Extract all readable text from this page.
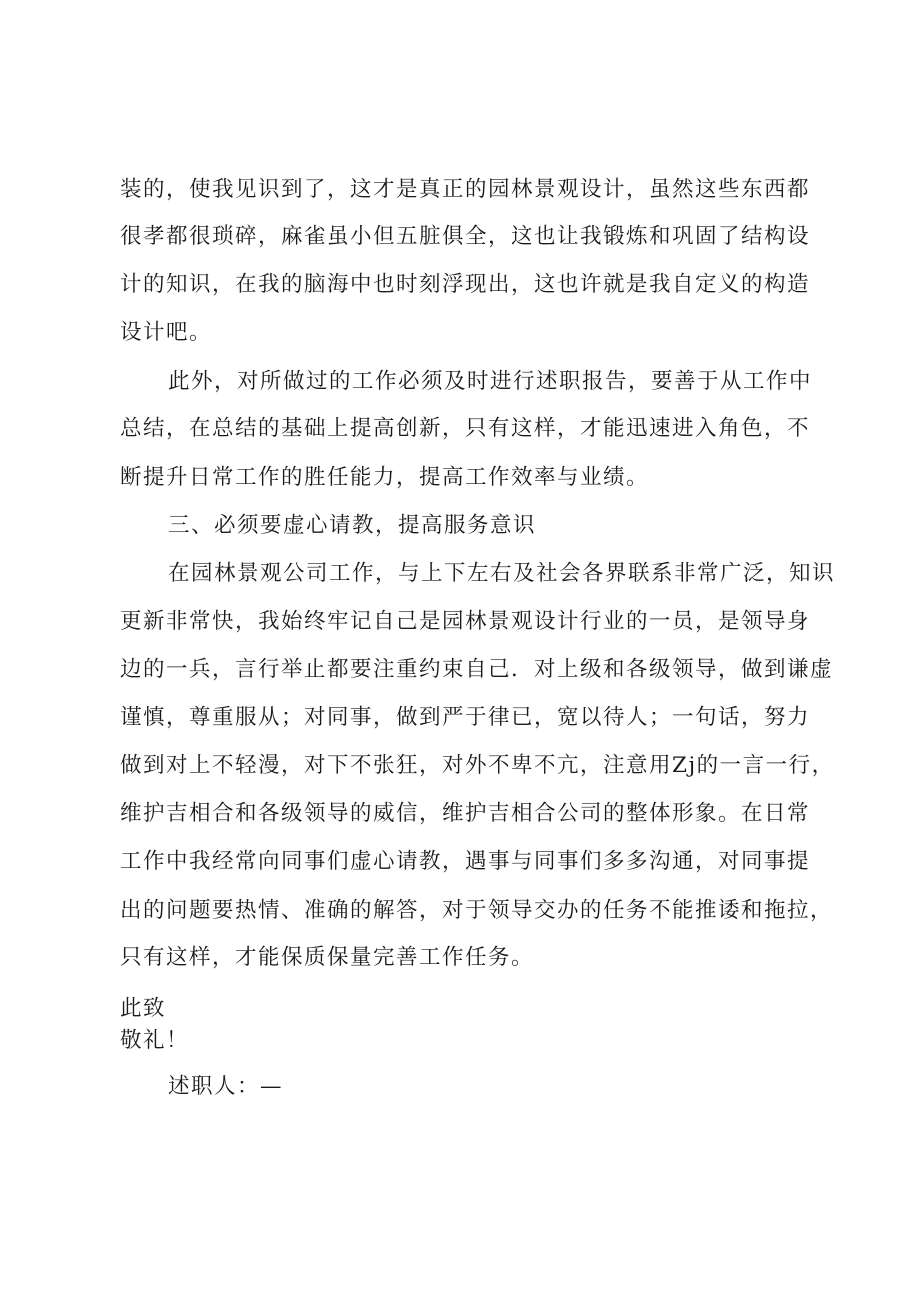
装的，使我见识到了，这才是真正的园林景观设计，虽然这些东西都
很孝都很琐碎，麻雀虽小但五脏俱全，这也让我锻炼和巩固了结构设
计的知识，在我的脑海中也时刻浮现出，这也许就是我自定义的构造
设计吧。
此外，对所做过的工作必须及时进行述职报告，要善于从工作中
总结，在总结的基础上提高创新，只有这样，才能迅速进入角色，不
断提升日常工作的胜任能力，提高工作效率与业绩。
三、必须要虚心请教，提高服务意识
在园林景观公司工作，与上下左右及社会各界联系非常广泛，知识
更新非常快，我始终牢记自己是园林景观设计行业的一员，是领导身
边的一兵，言行举止都要注重约束自己．对上级和各级领导，做到谦虚
谨慎，尊重服从；对同事，做到严于律已，宽以待人；一句话，努力
做到对上不轻漫，对下不张狂，对外不卑不亢，注意用Zj的一言一行，
维护吉相合和各级领导的威信，维护吉相合公司的整体形象。在日常
工作中我经常向同事们虚心请教，遇事与同事们多多沟通，对同事提
出的问题要热情、准确的解答，对于领导交办的任务不能推诿和拖拉，
只有这样，才能保质保量完善工作任务。
此致
敬礼！
述职人：—
